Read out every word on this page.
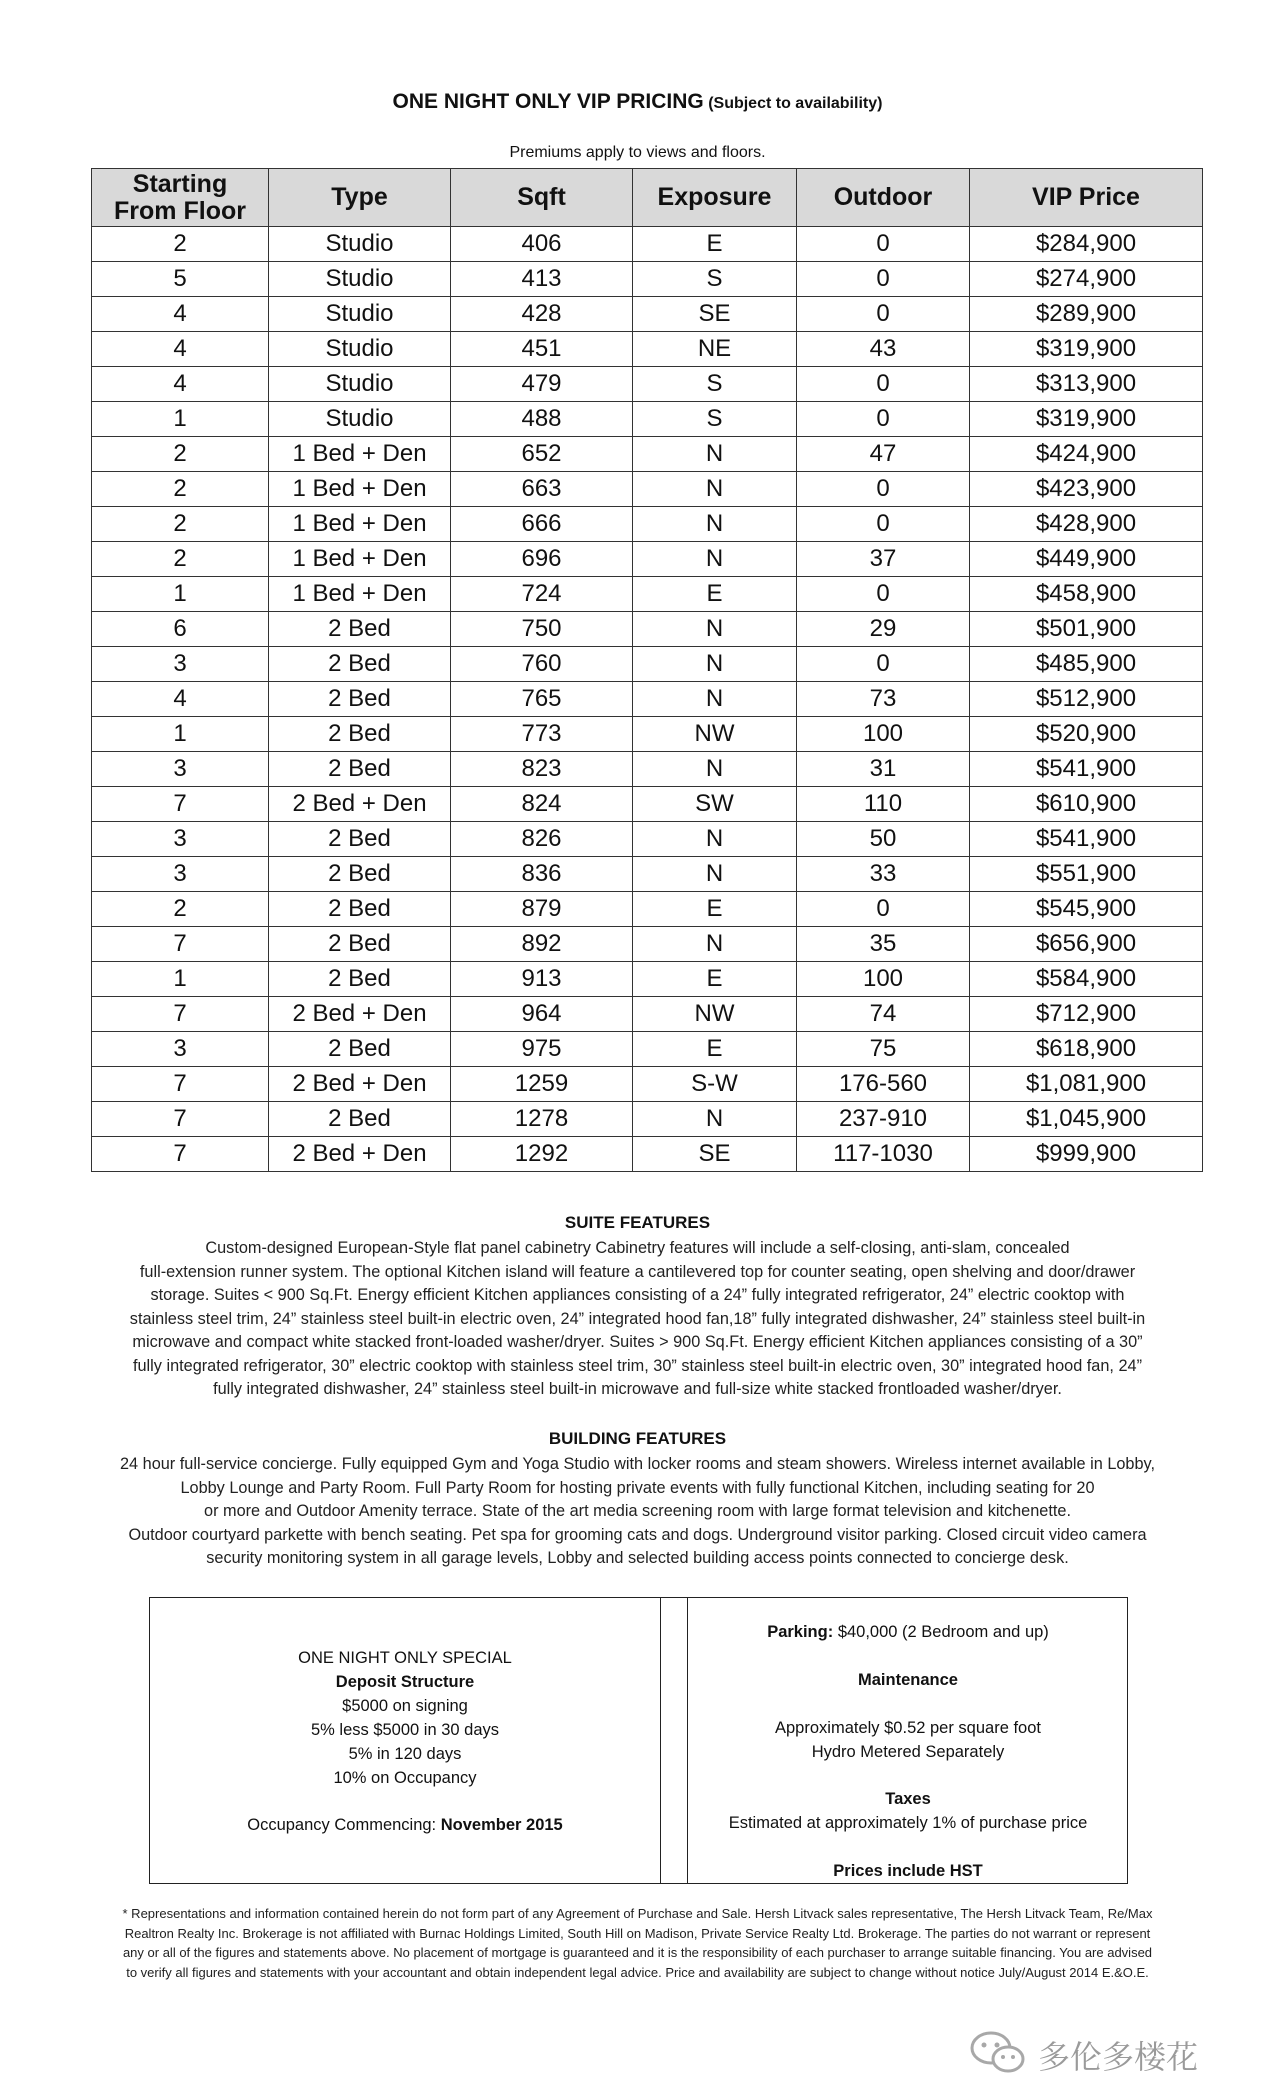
ONE NIGHT ONLY VIP PRICING (Subject to availability)
Premiums apply to views and floors.
Starting
From Floor	Type	Sqft	Exposure	Outdoor	VIP Price
2	Studio	406	E	0	$284,900
5	Studio	413	S	0	$274,900
4	Studio	428	SE	0	$289,900
4	Studio	451	NE	43	$319,900
4	Studio	479	S	0	$313,900
1	Studio	488	S	0	$319,900
2	1 Bed + Den	652	N	47	$424,900
2	1 Bed + Den	663	N	0	$423,900
2	1 Bed + Den	666	N	0	$428,900
2	1 Bed + Den	696	N	37	$449,900
1	1 Bed + Den	724	E	0	$458,900
6	2 Bed	750	N	29	$501,900
3	2 Bed	760	N	0	$485,900
4	2 Bed	765	N	73	$512,900
1	2 Bed	773	NW	100	$520,900
3	2 Bed	823	N	31	$541,900
7	2 Bed + Den	824	SW	110	$610,900
3	2 Bed	826	N	50	$541,900
3	2 Bed	836	N	33	$551,900
2	2 Bed	879	E	0	$545,900
7	2 Bed	892	N	35	$656,900
1	2 Bed	913	E	100	$584,900
7	2 Bed + Den	964	NW	74	$712,900
3	2 Bed	975	E	75	$618,900
7	2 Bed + Den	1259	S-W	176-560	$1,081,900
7	2 Bed	1278	N	237-910	$1,045,900
7	2 Bed + Den	1292	SE	117-1030	$999,900
SUITE FEATURES
Custom-designed European-Style flat panel cabinetry Cabinetry features will include a self-closing, anti-slam, concealed
full-extension runner system. The optional Kitchen island will feature a cantilevered top for counter seating, open shelving and door/drawer
storage. Suites < 900 Sq.Ft. Energy efficient Kitchen appliances consisting of a 24” fully integrated refrigerator, 24” electric cooktop with
stainless steel trim, 24” stainless steel built-in electric oven, 24” integrated hood fan,18” fully integrated dishwasher, 24” stainless steel built-in
microwave and compact white stacked front-loaded washer/dryer. Suites > 900 Sq.Ft. Energy efficient Kitchen appliances consisting of a 30”
fully integrated refrigerator, 30” electric cooktop with stainless steel trim, 30” stainless steel built-in electric oven, 30” integrated hood fan, 24”
fully integrated dishwasher, 24” stainless steel built-in microwave and full-size white stacked frontloaded washer/dryer.
BUILDING FEATURES
24 hour full-service concierge. Fully equipped Gym and Yoga Studio with locker rooms and steam showers. Wireless internet available in Lobby,
Lobby Lounge and Party Room. Full Party Room for hosting private events with fully functional Kitchen, including seating for 20
or more and Outdoor Amenity terrace. State of the art media screening room with large format television and kitchenette.
Outdoor courtyard parkette with bench seating. Pet spa for grooming cats and dogs. Underground visitor parking. Closed circuit video camera
security monitoring system in all garage levels, Lobby and selected building access points connected to concierge desk.
ONE NIGHT ONLY SPECIAL
Deposit Structure
$5000 on signing
5% less $5000 in 30 days
5% in 120 days
10% on Occupancy
Occupancy Commencing: November 2015
Parking: $40,000 (2 Bedroom and up)
Maintenance
Approximately $0.52 per square foot
Hydro Metered Separately
Taxes
Estimated at approximately 1% of purchase price
Prices include HST
* Representations and information contained herein do not form part of any Agreement of Purchase and Sale. Hersh Litvack sales representative, The Hersh Litvack Team, Re/Max
Realtron Realty Inc. Brokerage is not affiliated with Burnac Holdings Limited, South Hill on Madison, Private Service Realty Ltd. Brokerage. The parties do not warrant or represent
any or all of the figures and statements above. No placement of mortgage is guaranteed and it is the responsibility of each purchaser to arrange suitable financing. You are advised
to verify all figures and statements with your accountant and obtain independent legal advice. Price and availability are subject to change without notice July/August 2014 E.&O.E.
多伦多楼花
